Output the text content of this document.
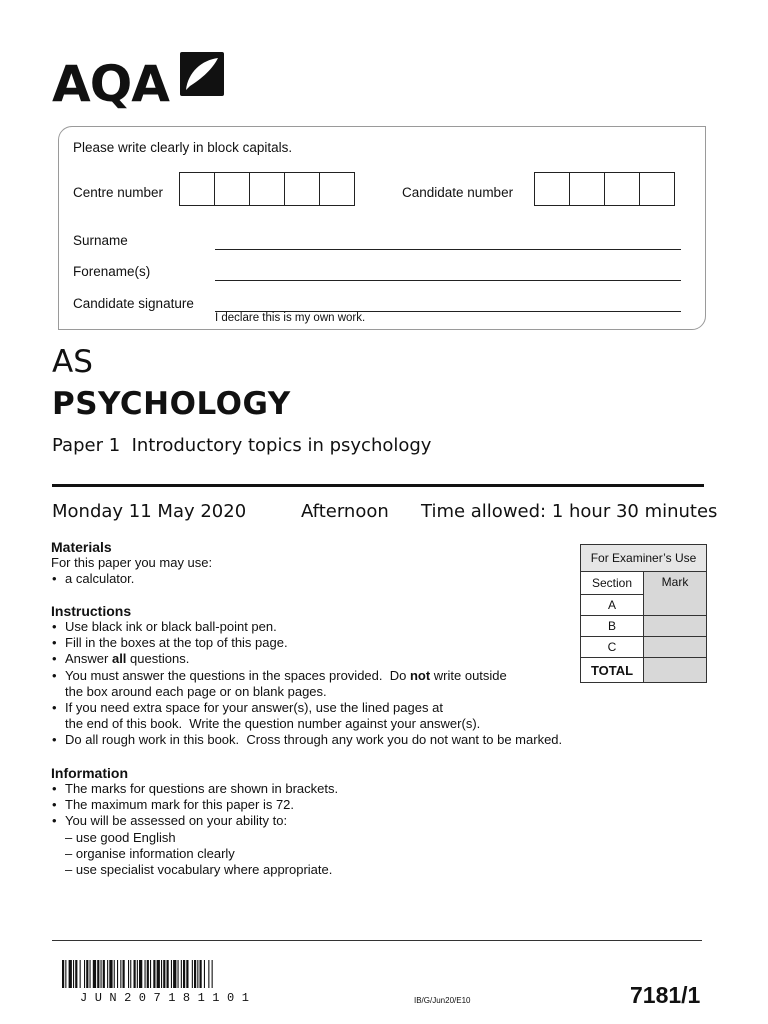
AQA
Please write clearly in block capitals.
Centre number	Candidate number
Surname
Forename(s)
Candidate signature
I declare this is my own work.
AS
PSYCHOLOGY
Paper 1  Introductory topics in psychology
Monday 11 May 2020	Afternoon Time allowed: 1 hour 30 minutes
Materials
For this paper you may use:
• a calculator.
Instructions
• Use black ink or black ball-point pen.
• Fill in the boxes at the top of this page.
• Answer all questions.
• You must answer the questions in the spaces provided.  Do not write outside
the box around each page or on blank pages.
• If you need extra space for your answer(s), use the lined pages at
the end of this book.  Write the question number against your answer(s).
• Do all rough work in this book.  Cross through any work you do not want to be marked.
Information
• The marks for questions are shown in brackets.
• The maximum mark for this paper is 72.
• You will be assessed on your ability to:
– use good English
– organise information clearly
– use specialist vocabulary where appropriate.
For Examiner’s Use	
Section	Mark
A	
B	
C	
TOTAL	
JUN207181101	IB/G/Jun20/E10	7181/1
